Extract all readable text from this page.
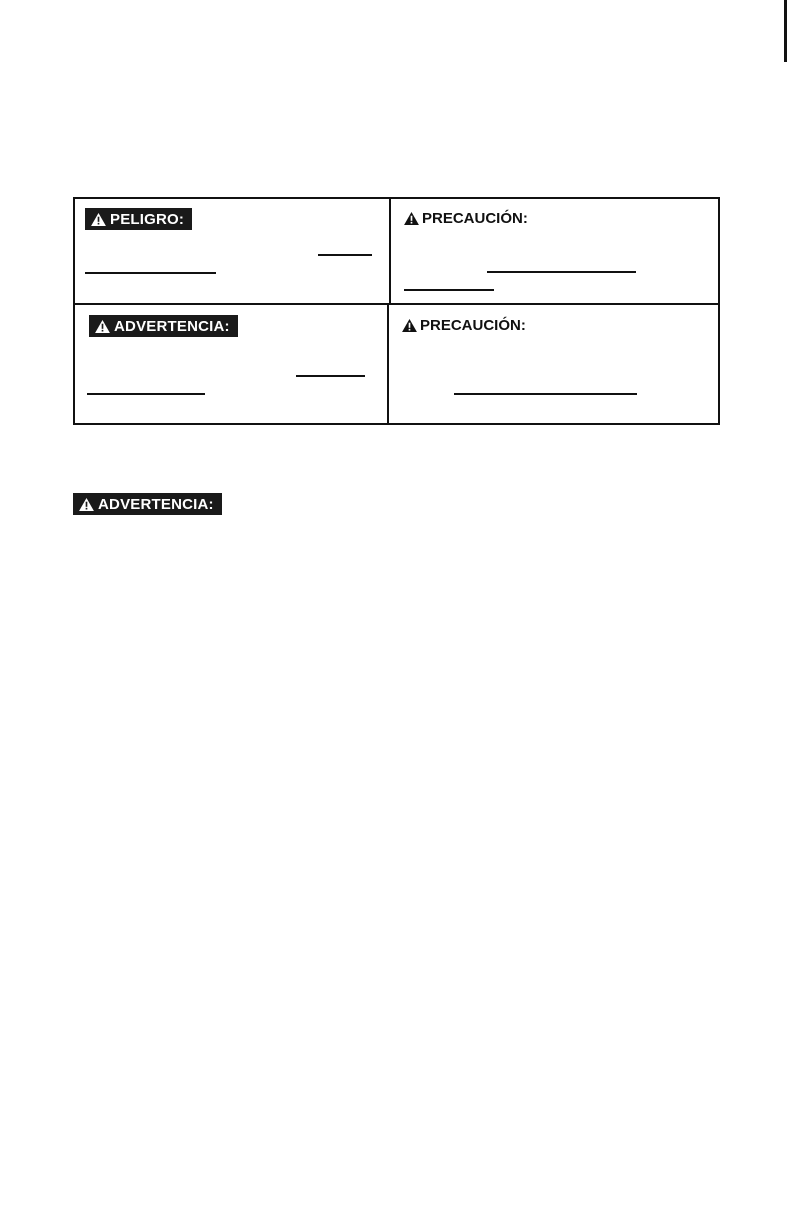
PELIGRO:	PRECAUCIÓN:
ADVERTENCIA:	PRECAUCIÓN:
ADVERTENCIA:
